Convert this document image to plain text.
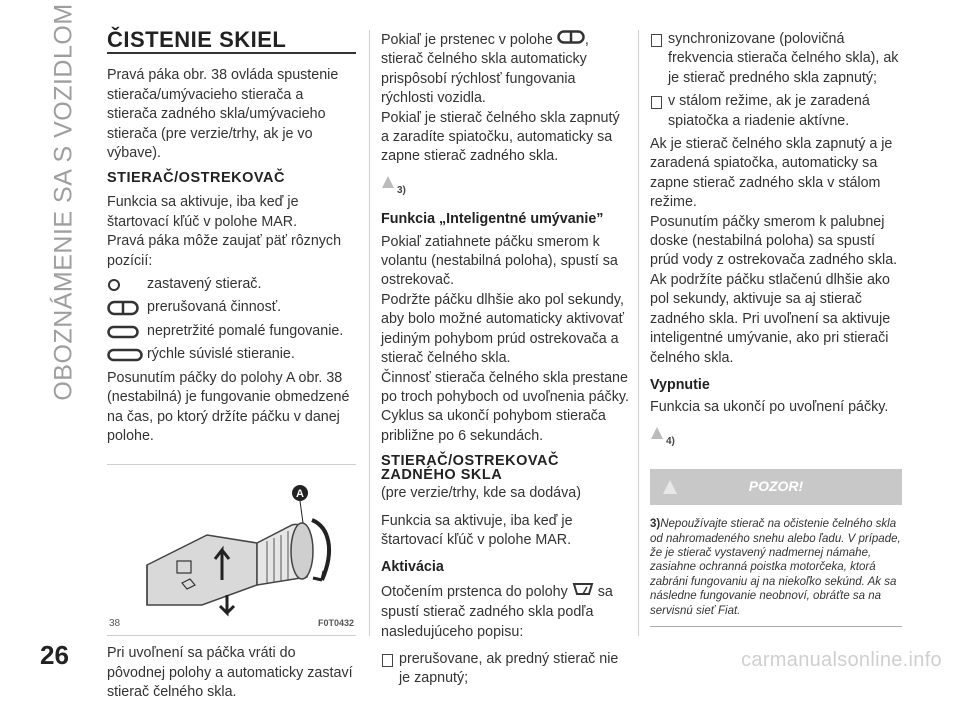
OBOZNÁMENIE SA S VOZIDLOM
26	carmanualsonline.info
ČISTENIE SKIEL

Pravá páka obr. 38 ovláda spustenie stierača/umývacieho stierača a stierača zadného skla/umývacieho stierača (pre verzie/trhy, ak je vo výbave).

STIERAČ/OSTREKOVAČ

Funkcia sa aktivuje, iba keď je štartovací kľúč v polohe MAR.

Pravá páka môže zaujať päť rôznych pozícií:

zastavený stierač.
prerušovaná činnosť.
nepretržité pomalé fungovanie.
rýchle súvislé stieranie.

Posunutím páčky do polohy A obr. 38 (nestabilná) je fungovanie obmedzené na čas, po ktorý držíte páčku v danej polohe.

A
38	F0T0432

Pri uvoľnení sa páčka vráti do pôvodnej polohy a automaticky zastaví stierač čelného skla.

Pokiaľ je prstenec v polohe , stierač čelného skla automaticky prispôsobí rýchlosť fungovania rýchlosti vozidla.

Pokiaľ je stierač čelného skla zapnutý a zaradíte spiatočku, automaticky sa zapne stierač zadného skla.

3)
Funkcia „Inteligentné umývanie”

Pokiaľ zatiahnete páčku smerom k volantu (nestabilná poloha), spustí sa ostrekovač.

Podržte páčku dlhšie ako pol sekundy, aby bolo možné automaticky aktivovať jediným pohybom prúd ostrekovača a stierač čelného skla.

Činnosť stierača čelného skla prestane po troch pohyboch od uvoľnenia páčky. Cyklus sa ukončí pohybom stierača približne po 6 sekundách.

STIERAČ/OSTREKOVAČ ZADNÉHO SKLA

(pre verzie/trhy, kde sa dodáva)

Funkcia sa aktivuje, iba keď je štartovací kľúč v polohe MAR.

Aktivácia

Otočením prstenca do polohy sa spustí stierač zadného skla podľa nasledujúceho popisu:

prerušovane, ak predný stierač nie je zapnutý;
synchronizovane (polovičná frekvencia stierača čelného skla), ak je stierač predného skla zapnutý;
v stálom režime, ak je zaradená spiatočka a riadenie aktívne.

Ak je stierač čelného skla zapnutý a je zaradená spiatočka, automaticky sa zapne stierač zadného skla v stálom režime.

Posunutím páčky smerom k palubnej doske (nestabilná poloha) sa spustí prúd vody z ostrekovača zadného skla.

Ak podržíte páčku stlačenú dlhšie ako pol sekundy, aktivuje sa aj stierač zadného skla. Pri uvoľnení sa aktivuje inteligentné umývanie, ako pri stierači čelného skla.

Vypnutie

Funkcia sa ukončí po uvoľnení páčky.

4)
POZOR!
3)Nepoužívajte stierač na očistenie čelného skla od nahromadeného snehu alebo ľadu. V prípade, že je stierač vystavený nadmernej námahe, zasiahne ochranná poistka motorčeka, ktorá zabráni fungovaniu aj na niekoľko sekúnd. Ak sa následne fungovanie neobnoví, obráťte sa na servisnú sieť Fiat.
